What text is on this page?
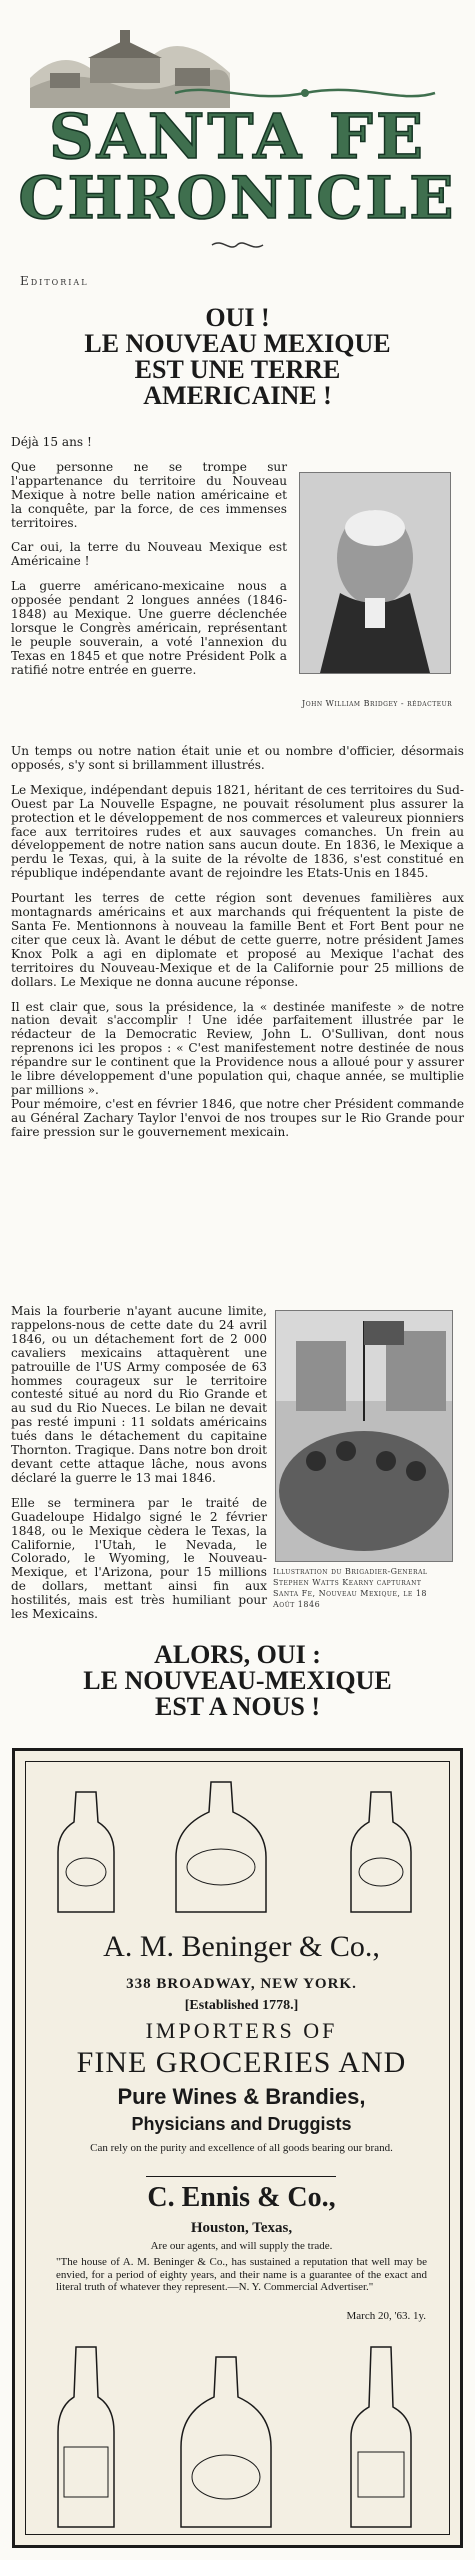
SANTA FE
CHRONICLE
Editorial
OUI !
LE NOUVEAU MEXIQUE
EST UNE TERRE
AMERICAINE !
John William Bridgey - rédacteur

Déjà 15 ans !

Que personne ne se trompe sur l'appartenance du territoire du Nouveau Mexique à notre belle nation américaine et la conquête, par la force, de ces immenses territoires.

Car oui, la terre du Nouveau Mexique est Américaine !

La guerre américano-mexicaine nous a opposée pendant 2 longues années (1846-1848) au Mexique. Une guerre déclenchée lorsque le Congrès américain, représentant le peuple souverain, a voté l'annexion du Texas en 1845 et que notre Président Polk a ratifié notre entrée en guerre.

Un temps ou notre nation était unie et ou nombre d'officier, désormais opposés, s'y sont si brillamment illustrés.

Le Mexique, indépendant depuis 1821, héritant de ces territoires du Sud-Ouest par La Nouvelle Espagne, ne pouvait résolument plus assurer la protection et le développement de nos commerces et valeureux pionniers face aux territoires rudes et aux sauvages comanches. Un frein au développement de notre nation sans aucun doute. En 1836, le Mexique a perdu le Texas, qui, à la suite de la révolte de 1836, s'est constitué en république indépendante avant de rejoindre les Etats-Unis en 1845.

Pourtant les terres de cette région sont devenues familières aux montagnards américains et aux marchands qui fréquentent la piste de Santa Fe. Mentionnons à nouveau la famille Bent et Fort Bent pour ne citer que ceux là. Avant le début de cette guerre, notre président James Knox Polk a agi en diplomate et proposé au Mexique l'achat des territoires du Nouveau-Mexique et de la Californie pour 25 millions de dollars. Le Mexique ne donna aucune réponse.

Il est clair que, sous la présidence, la « destinée manifeste » de notre nation devait s'accomplir ! Une idée parfaitement illustrée par le rédacteur de la Democratic Review, John L. O'Sullivan, dont nous reprenons ici les propos : « C'est manifestement notre destinée de nous répandre sur le continent que la Providence nous a alloué pour y assurer le libre développement d'une population qui, chaque année, se multiplie par millions ».

Pour mémoire, c'est en février 1846, que notre cher Président commande au Général Zachary Taylor l'envoi de nos troupes sur le Rio Grande pour faire pression sur le gouvernement mexicain.

Illustration du Brigadier-General
Stephen Watts Kearny capturant
Santa Fe, Nouveau Mexique, le 18
Août 1846

Mais la fourberie n'ayant aucune limite, rappelons-nous de cette date du 24 avril 1846, ou un détachement fort de 2 000 cavaliers mexicains attaquèrent une patrouille de l'US Army composée de 63 hommes courageux sur le territoire contesté situé au nord du Rio Grande et au sud du Rio Nueces. Le bilan ne devait pas resté impuni : 11 soldats américains tués dans le détachement du capitaine Thornton. Tragique. Dans notre bon droit devant cette attaque lâche, nous avons déclaré la guerre le 13 mai 1846.

Elle se terminera par le traité de Guadeloupe Hidalgo signé le 2 février 1848, ou le Mexique cèdera le Texas, la Californie, l'Utah, le Nevada, le Colorado, le Wyoming, le Nouveau-Mexique, et l'Arizona, pour 15 millions de dollars, mettant ainsi fin aux hostilités, mais est très humiliant pour les Mexicains.

ALORS, OUI :
LE NOUVEAU-MEXIQUE
EST A NOUS !
A. M. Beninger & Co.,
338 BROADWAY, NEW YORK.
[Established 1778.]
IMPORTERS OF
FINE GROCERIES AND
Pure Wines & Brandies,
Physicians and Druggists
Can rely on the purity and excellence of all goods bearing our brand.
C. Ennis & Co.,
Houston, Texas,
Are our agents, and will supply the trade.
"The house of A. M. Beninger & Co., has sustained a reputation that well may be envied, for a period of eighty years, and their name is a guarantee of the exact and literal truth of whatever they represent.—N. Y. Commercial Advertiser."
March 20, '63. 1y.
